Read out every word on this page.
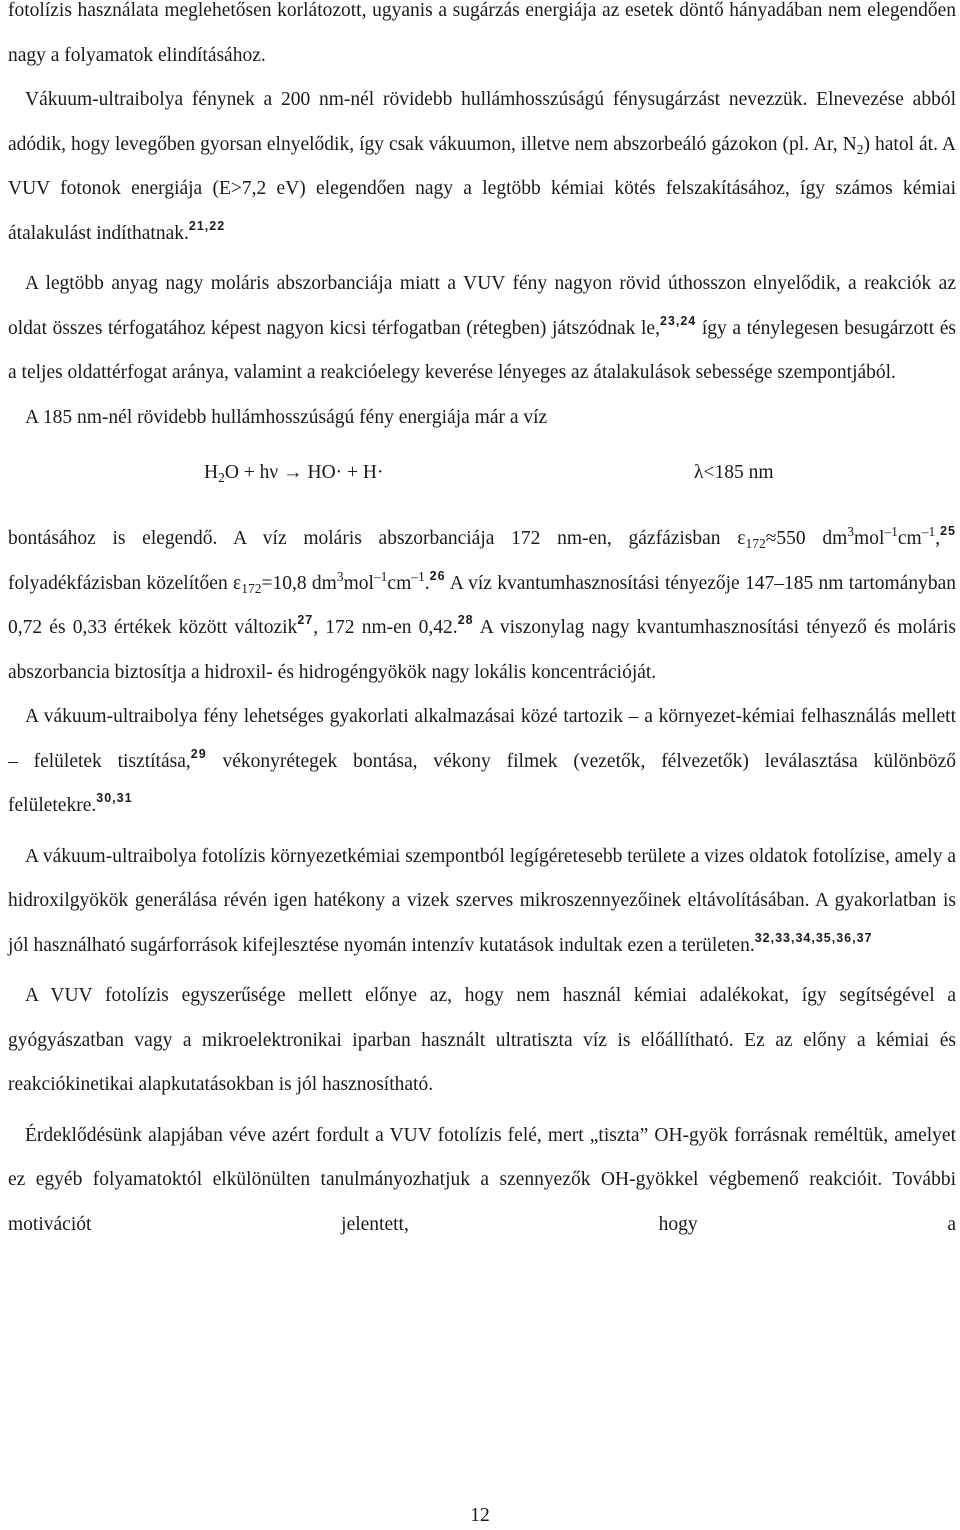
fotolízis használata meglehetősen korlátozott, ugyanis a sugárzás energiája az esetek döntő hányadában nem elegendően nagy a folyamatok elindításához.
Vákuum-ultraibolya fénynek a 200 nm-nél rövidebb hullámhosszúságú fénysugárzást nevezzük. Elnevezése abból adódik, hogy levegőben gyorsan elnyelődik, így csak vákuumon, illetve nem abszorbeáló gázokon (pl. Ar, $N_2$) hatol át. A VUV fotonok energiája (E>7,2 eV) elegendően nagy a legtöbb kémiai kötés felszakításához, így számos kémiai átalakulást indíthatnak.$^{21,22}$

A legtöbb anyag nagy moláris abszorbanciája miatt a VUV fény nagyon rövid úthosszon elnyelődik, a reakciók az oldat összes térfogatához képest nagyon kicsi térfogatban (rétegben) játszódnak le,$^{23,24}$ így a ténylegesen besugárzott és a teljes oldattérfogat aránya, valamint a reakcióelegy keverése lényeges az átalakulások sebessége szempontjából.

A 185 nm-nél rövidebb hullámhosszúságú fény energiája már a víz

$H_2O + h\nu \to HO\cdot + H\cdot$	λ<185 nm

bontásához is elegendő. A víz moláris abszorbanciája 172 nm-en, gázfázisban $\varepsilon_{172}\approx 550$ $dm^3mol^{-1}cm^{-1},^{25}$ folyadékfázisban közelítően $\varepsilon_{172}=10,8$ $dm^3mol^{-1}cm^{-1}.^{26}$ A víz kvantumhasznosítási tényezője 147–185 nm tartományban 0,72 és 0,33 értékek között változik$^{27}$, 172 nm-en 0,42.28 A viszonylag nagy kvantumhasznosítási tényező és moláris abszorbancia biztosítja a hidroxil- és hidrogéngyökök nagy lokális koncentrációját.

A vákuum-ultraibolya fény lehetséges gyakorlati alkalmazásai közé tartozik – a környezet-kémiai felhasználás mellett – felületek tisztítása,$^{29}$ vékonyrétegek bontása, vékony filmek (vezetők, félvezetők) leválasztása különböző felületekre.$^{30,31}$

A vákuum-ultraibolya fotolízis környezetkémiai szempontból legígéretesebb területe a vizes oldatok fotolízise, amely a hidroxilgyökök generálása révén igen hatékony a vizek szerves mikroszennyezőinek eltávolításában. A gyakorlatban is jól használható sugárforrások kifejlesztése nyomán intenzív kutatások indultak ezen a területen.$^{32,33,34,35,36,37}$

A VUV fotolízis egyszerűsége mellett előnye az, hogy nem használ kémiai adalékokat, így segítségével a gyógyászatban vagy a mikroelektronikai iparban használt ultratiszta víz is előállítható. Ez az előny a kémiai és reakciókinetikai alapkutatásokban is jól hasznosítható.

Érdeklődésünk alapjában véve azért fordult a VUV fotolízis felé, mert „tiszta” OH-gyök forrásnak reméltük, amelyet ez egyéb folyamatoktól elkülönülten tanulmányozhatjuk a szennyezők OH-gyökkel végbemenő reakcióit. További motivációt jelentett, hogy a

12
